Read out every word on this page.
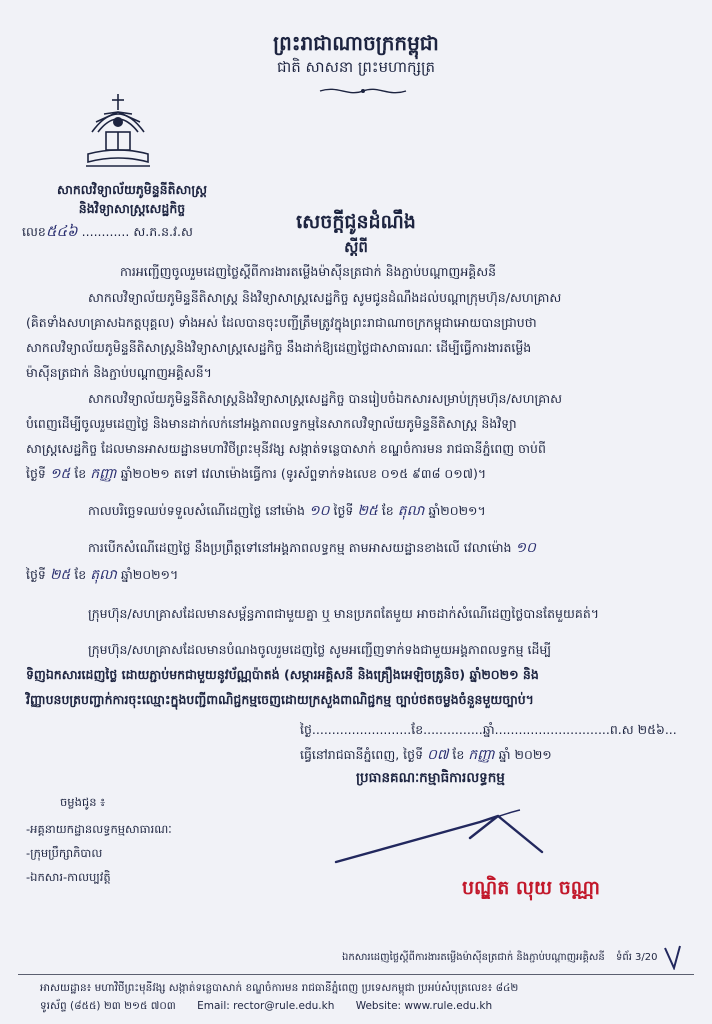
ព្រះរាជាណាចក្រកម្ពុជា
ជាតិ សាសនា ព្រះមហាក្សត្រ
សាកលវិទ្យាល័យភូមិន្ទនីតិសាស្ត្រ
និងវិទ្យាសាស្ត្រសេដ្ឋកិច្ច
លេខ៥៤៦ ............ ស.ភ.ន.វ.ស	សេចក្តីជូនដំណឹង
ស្តីពី
ការអញ្ជើញចូលរួមដេញថ្លៃស្តីពីការងារតម្លើងម៉ាស៊ីនត្រជាក់ និងភ្ជាប់បណ្តាញអគ្គិសនី
សាកលវិទ្យាល័យភូមិន្ទនីតិសាស្ត្រ និងវិទ្យាសាស្ត្រសេដ្ឋកិច្ច សូមជូនដំណឹងដល់បណ្តាក្រុមហ៊ុន/សហគ្រាស
(គិតទាំងសហគ្រាសឯកត្តបុគ្គល) ទាំងអស់ ដែលបានចុះបញ្ជីត្រឹមត្រូវក្នុងព្រះរាជាណាចក្រកម្ពុជាអោយបានជ្រាបថា
សាកលវិទ្យាល័យភូមិន្ទនីតិសាស្ត្រនិងវិទ្យាសាស្ត្រសេដ្ឋកិច្ច នឹងដាក់ឱ្យដេញថ្លៃជាសាធារណៈ ដើម្បីធ្វើការងារតម្លើង
ម៉ាស៊ីនត្រជាក់ និងភ្ជាប់បណ្តាញអគ្គិសនី។
សាកលវិទ្យាល័យភូមិន្ទនីតិសាស្ត្រនិងវិទ្យាសាស្ត្រសេដ្ឋកិច្ច បានរៀបចំឯកសារសម្រាប់ក្រុមហ៊ុន/សហគ្រាស
បំពេញដើម្បីចូលរួមដេញថ្លៃ និងមានដាក់លក់នៅអង្គភាពលទ្ធកម្មនៃសាកលវិទ្យាល័យភូមិន្ទនីតិសាស្ត្រ និងវិទ្យា
សាស្ត្រសេដ្ឋកិច្ច ដែលមានអាសយដ្ឋានមហាវិថីព្រះមុនីវង្ស សង្កាត់ទន្លេបាសាក់ ខណ្ឌចំការមន រាជធានីភ្នំពេញ ចាប់ពី
ថ្ងៃទី ១៥ ខែ កញ្ញា ឆ្នាំ២០២១ តទៅ វេលាម៉ោងធ្វើការ (ទូរស័ព្ទទាក់ទងលេខ ០១៥ ៩៣៨ ០១៧)។
កាលបរិច្ឆេទឈប់ទទួលសំណើដេញថ្លៃ នៅម៉ោង ១០ ថ្ងៃទី ២៥ ខែ តុលា ឆ្នាំ២០២១។
ការបើកសំណើដេញថ្លៃ នឹងប្រព្រឹត្តទៅនៅអង្គភាពលទ្ធកម្ម តាមអាសយដ្ឋានខាងលើ វេលាម៉ោង ១០
ថ្ងៃទី ២៥ ខែ តុលា ឆ្នាំ២០២១។
ក្រុមហ៊ុន/សហគ្រាសដែលមានសម្ព័ន្ធភាពជាមួយគ្នា ឬ មានប្រភពតែមួយ អាចដាក់សំណើដេញថ្លៃបានតែមួយគត់។
ក្រុមហ៊ុន/សហគ្រាសដែលមានបំណងចូលរួមដេញថ្លៃ សូមអញ្ជើញទាក់ទងជាមួយអង្គភាពលទ្ធកម្ម ដើម្បី
ទិញឯកសារដេញថ្លៃ ដោយភ្ជាប់មកជាមួយនូវប័ណ្ណប៉ាតង់ (សម្ភារអគ្គិសនី និងគ្រឿងអេឡិចត្រូនិច) ឆ្នាំ២០២១ និង
វិញ្ញាបនបត្របញ្ជាក់ការចុះឈ្មោះក្នុងបញ្ជីពាណិជ្ជកម្មចេញដោយក្រសួងពាណិជ្ជកម្ម ច្បាប់ថតចម្លងចំនួនមួយច្បាប់។
ថ្ងៃ.........................ខែ...............ឆ្នាំ.............................ព.ស ២៥៦...
ធ្វើនៅរាជធានីភ្នំពេញ, ថ្ងៃទី ០៧ ខែ កញ្ញា ឆ្នាំ ២០២១
ប្រធានគណៈកម្មាធិការលទ្ធកម្ម
ចម្លងជូន ៖
-អគ្គនាយកដ្ឋានលទ្ធកម្មសាធារណៈ
-ក្រុមប្រឹក្សាភិបាល
-ឯកសារ-កាលប្បវត្តិ	បណ្ឌិត លុយ ចណ្ណា
ឯកសារដេញថ្លៃស្តីពីការងារតម្លើងម៉ាស៊ីនត្រជាក់ និងភ្ជាប់បណ្តាញអគ្គិសនី ទំព័រ 3/20
អាសយដ្ឋាន៖ មហាវិថីព្រះមុនីវង្ស សង្កាត់ទន្លេបាសាក់ ខណ្ឌចំការមន រាជធានីភ្នំពេញ ប្រទេសកម្ពុជា ប្រអប់សំបុត្រលេខ៖ ៨៤២
ទូរស័ព្ទ (៨៥៥) ២៣ ២១៥ ៧០៣ Email: rector@rule.edu.kh Website: www.rule.edu.kh
